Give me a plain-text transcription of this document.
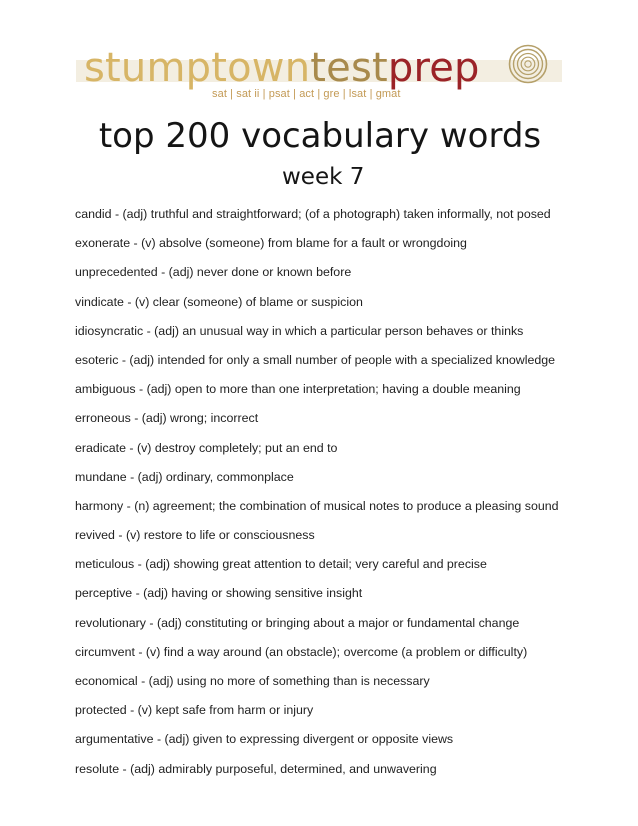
stumptown test prep
sat | sat ii | psat | act | gre | lsat | gmat
top 200 vocabulary words
week 7
candid - (adj) truthful and straightforward; (of a photograph) taken informally, not posed
exonerate - (v) absolve (someone) from blame for a fault or wrongdoing
unprecedented - (adj) never done or known before
vindicate - (v) clear (someone) of blame or suspicion
idiosyncratic - (adj) an unusual way in which a particular person behaves or thinks
esoteric - (adj) intended for only a small number of people with a specialized knowledge
ambiguous - (adj) open to more than one interpretation; having a double meaning
erroneous - (adj) wrong; incorrect
eradicate - (v) destroy completely; put an end to
mundane - (adj) ordinary, commonplace
harmony - (n) agreement; the combination of musical notes to produce a pleasing sound
revived - (v) restore to life or consciousness
meticulous - (adj) showing great attention to detail; very careful and precise
perceptive - (adj) having or showing sensitive insight
revolutionary - (adj) constituting or bringing about a major or fundamental change
circumvent - (v) find a way around (an obstacle); overcome (a problem or difficulty)
economical - (adj) using no more of something than is necessary
protected - (v) kept safe from harm or injury
argumentative - (adj) given to expressing divergent or opposite views
resolute - (adj) admirably purposeful, determined, and unwavering
